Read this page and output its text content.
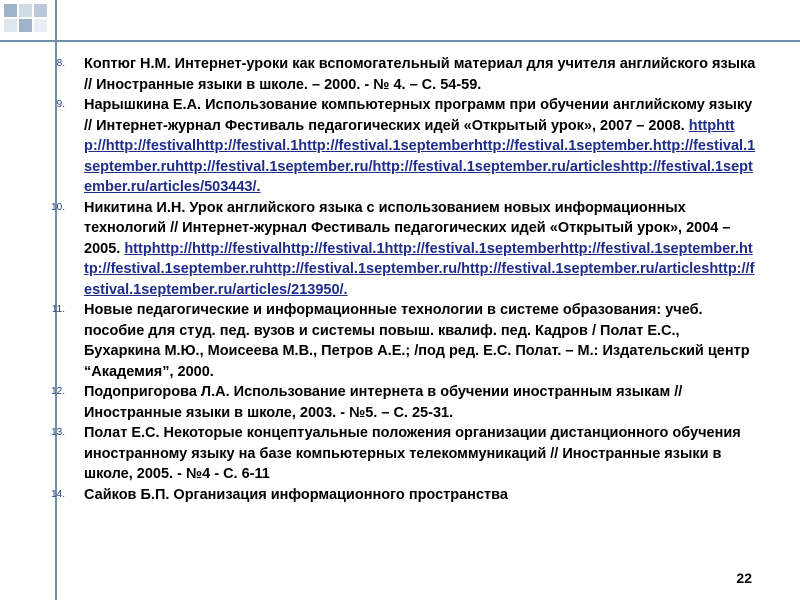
8. Коптюг Н.М. Интернет-уроки как вспомогательный материал для учителя английского языка // Иностранные языки в школе. – 2000. - № 4. – С. 54-59.
9. Нарышкина Е.А. Использование компьютерных программ при обучении английскому языку // Интернет-журнал Фестиваль педагогических идей «Открытый урок», 2007 – 2008. httphttp://http://festivalhttp://festival.1http://festival.1septemberhttp://festival.1september.http://festival.1september.ruhttp://festival.1september.ru/http://festival.1september.ru/articleshttp://festival.1september.ru/articles/503443/.
10. Никитина И.Н. Урок английского языка с использованием новых информационных технологий // Интернет-журнал Фестиваль педагогических идей «Открытый урок», 2004 – 2005. httphttp://http://festivalhttp://festival.1http://festival.1septemberhttp://festival.1september.http://festival.1september.ruhttp://festival.1september.ru/http://festival.1september.ru/articleshttp://festival.1september.ru/articles/213950/.
11. Новые педагогические и информационные технологии в системе образования: учеб. пособие для студ. пед. вузов и системы повыш. квалиф. пед. Кадров / Полат Е.С., Бухаркина М.Ю., Моисеева М.В., Петров А.Е.; /под ред. Е.С. Полат. – М.: Издательский центр “Академия”, 2000.
12. Подопригорова Л.А. Использование интернета в обучении иностранным языкам // Иностранные языки в школе, 2003. - №5. – С. 25-31.
13. Полат Е.С. Некоторые концептуальные положения организации дистанционного обучения иностранному языку на базе компьютерных телекоммуникаций // Иностранные языки в школе, 2005. - №4 - С. 6-11
14. Сайков Б.П. Организация информационного пространства
22
